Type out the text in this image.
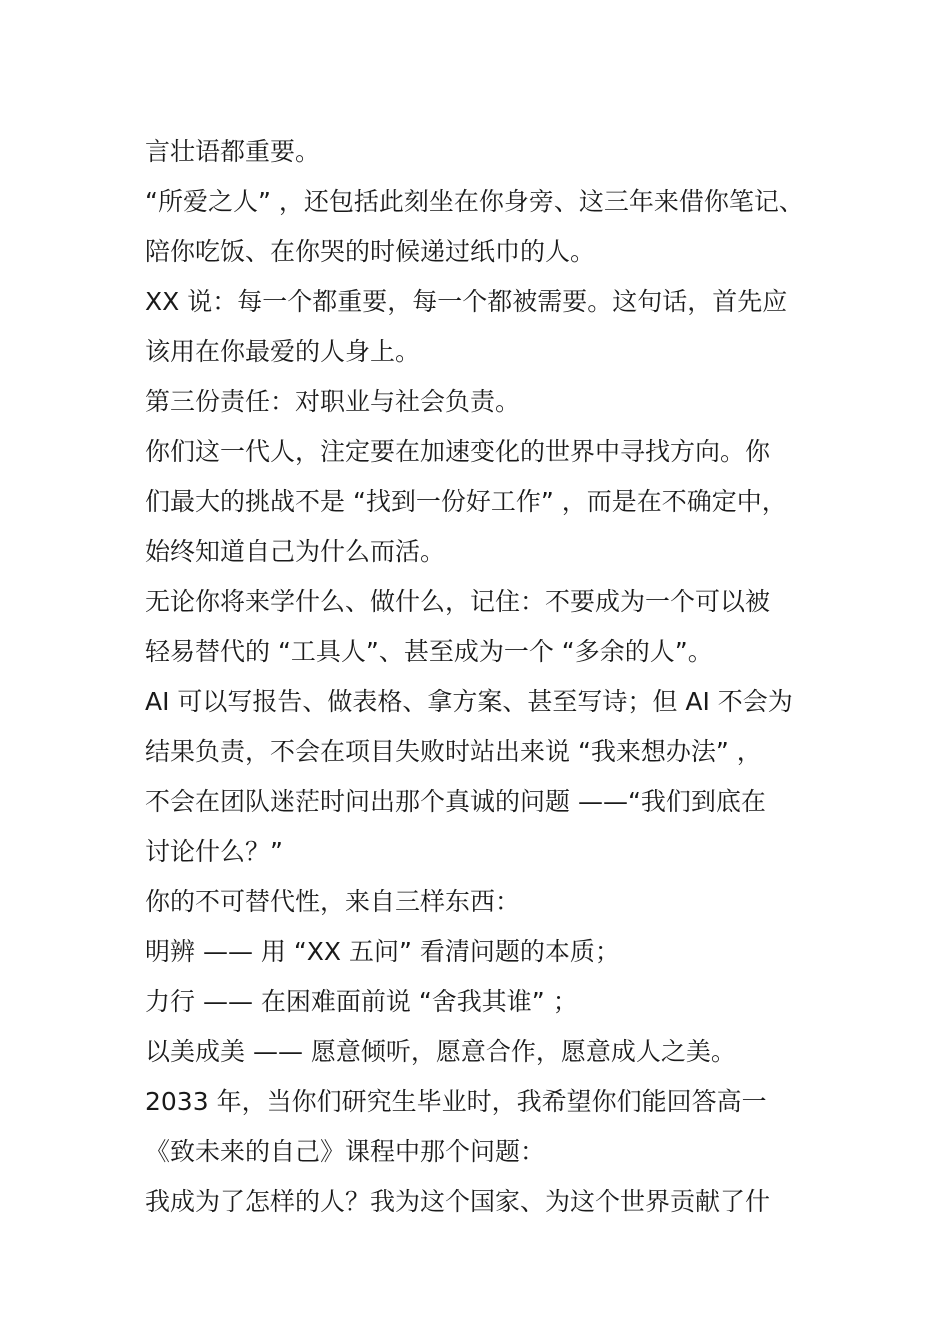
言壮语都重要。
“所爱之人” ，还包括此刻坐在你身旁、这三年来借你笔记、
陪你吃饭、在你哭的时候递过纸巾的人。
XX 说：每一个都重要，每一个都被需要。这句话，首先应
该用在你最爱的人身上。
第三份责任：对职业与社会负责。
你们这一代人，注定要在加速变化的世界中寻找方向。你
们最大的挑战不是 “找到一份好工作” ，而是在不确定中，
始终知道自己为什么而活。
无论你将来学什么、做什么，记住：不要成为一个可以被
轻易替代的 “工具人”、甚至成为一个 “多余的人”。
AI 可以写报告、做表格、拿方案、甚至写诗；但 AI 不会为
结果负责，不会在项目失败时站出来说 “我来想办法” ，
不会在团队迷茫时问出那个真诚的问题 ——“我们到底在
讨论什么？”
你的不可替代性，来自三样东西：
明辨 —— 用 “XX 五问” 看清问题的本质；
力行 —— 在困难面前说 “舍我其谁” ；
以美成美 —— 愿意倾听，愿意合作，愿意成人之美。
2033 年，当你们研究生毕业时，我希望你们能回答高一
《致未来的自己》课程中那个问题：
我成为了怎样的人？我为这个国家、为这个世界贡献了什
